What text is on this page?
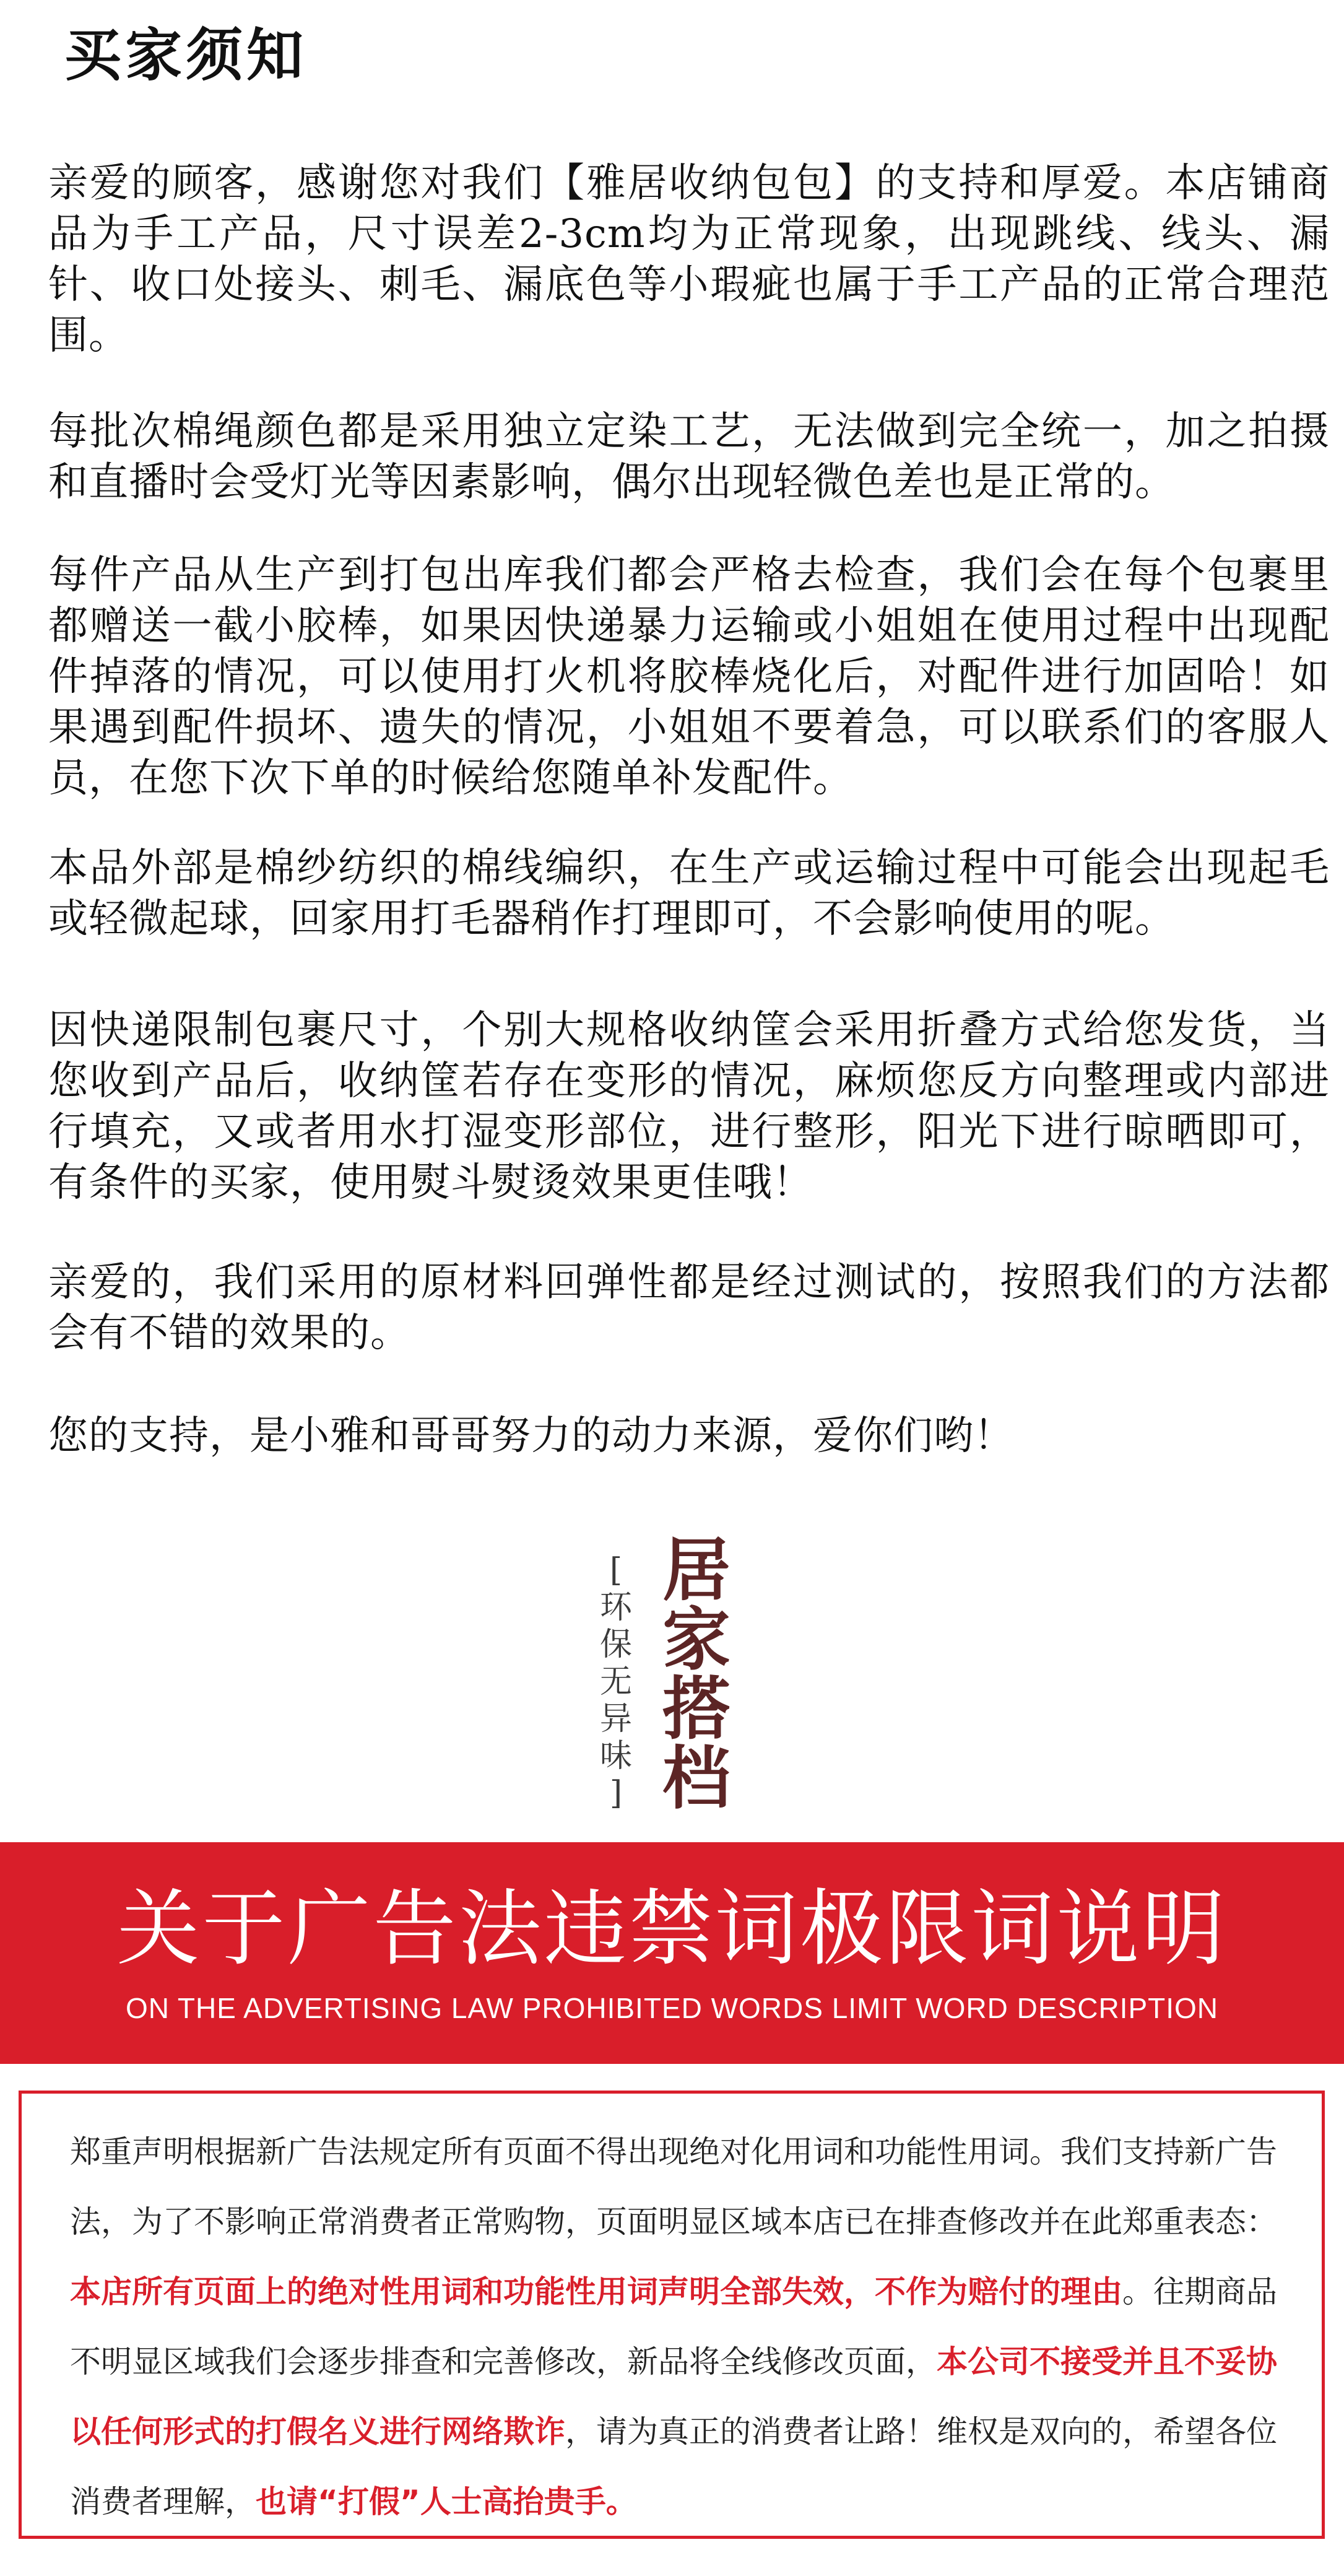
买家须知

亲爱的顾客，感谢您对我们【雅居收纳包包】的支持和厚爱。本店铺商品为手工产品，尺寸误差2-3cm均为正常现象，出现跳线、线头、漏针、收口处接头、刺毛、漏底色等小瑕疵也属于手工产品的正常合理范围。

每批次棉绳颜色都是采用独立定染工艺，无法做到完全统一，加之拍摄和直播时会受灯光等因素影响，偶尔出现轻微色差也是正常的。

每件产品从生产到打包出库我们都会严格去检查，我们会在每个包裹里都赠送一截小胶棒，如果因快递暴力运输或小姐姐在使用过程中出现配件掉落的情况，可以使用打火机将胶棒烧化后，对配件进行加固哈！如果遇到配件损坏、遗失的情况，小姐姐不要着急，可以联系们的客服人员，在您下次下单的时候给您随单补发配件。

本品外部是棉纱纺织的棉线编织，在生产或运输过程中可能会出现起毛或轻微起球，回家用打毛器稍作打理即可，不会影响使用的呢。

因快递限制包裹尺寸，个别大规格收纳筐会采用折叠方式给您发货，当您收到产品后，收纳筐若存在变形的情况，麻烦您反方向整理或内部进行填充，又或者用水打湿变形部位，进行整形，阳光下进行晾晒即可，有条件的买家，使用熨斗熨烫效果更佳哦！

亲爱的，我们采用的原材料回弹性都是经过测试的，按照我们的方法都会有不错的效果的。

您的支持，是小雅和哥哥努力的动力来源，爱你们哟！

[
环
保
无
异
味
]
居
家
搭
档
关于广告法违禁词极限词说明
ON THE ADVERTISING LAW PROHIBITED WORDS LIMIT WORD DESCRIPTION
郑重声明根据新广告法规定所有页面不得出现绝对化用词和功能性用词。我们支持新广告法，为了不影响正常消费者正常购物，页面明显区域本店已在排查修改并在此郑重表态：本店所有页面上的绝对性用词和功能性用词声明全部失效，不作为赔付的理由。往期商品不明显区域我们会逐步排查和完善修改，新品将全线修改页面，本公司不接受并且不妥协以任何形式的打假名义进行网络欺诈，请为真正的消费者让路！维权是双向的，希望各位消费者理解，也请“打假”人士高抬贵手。
